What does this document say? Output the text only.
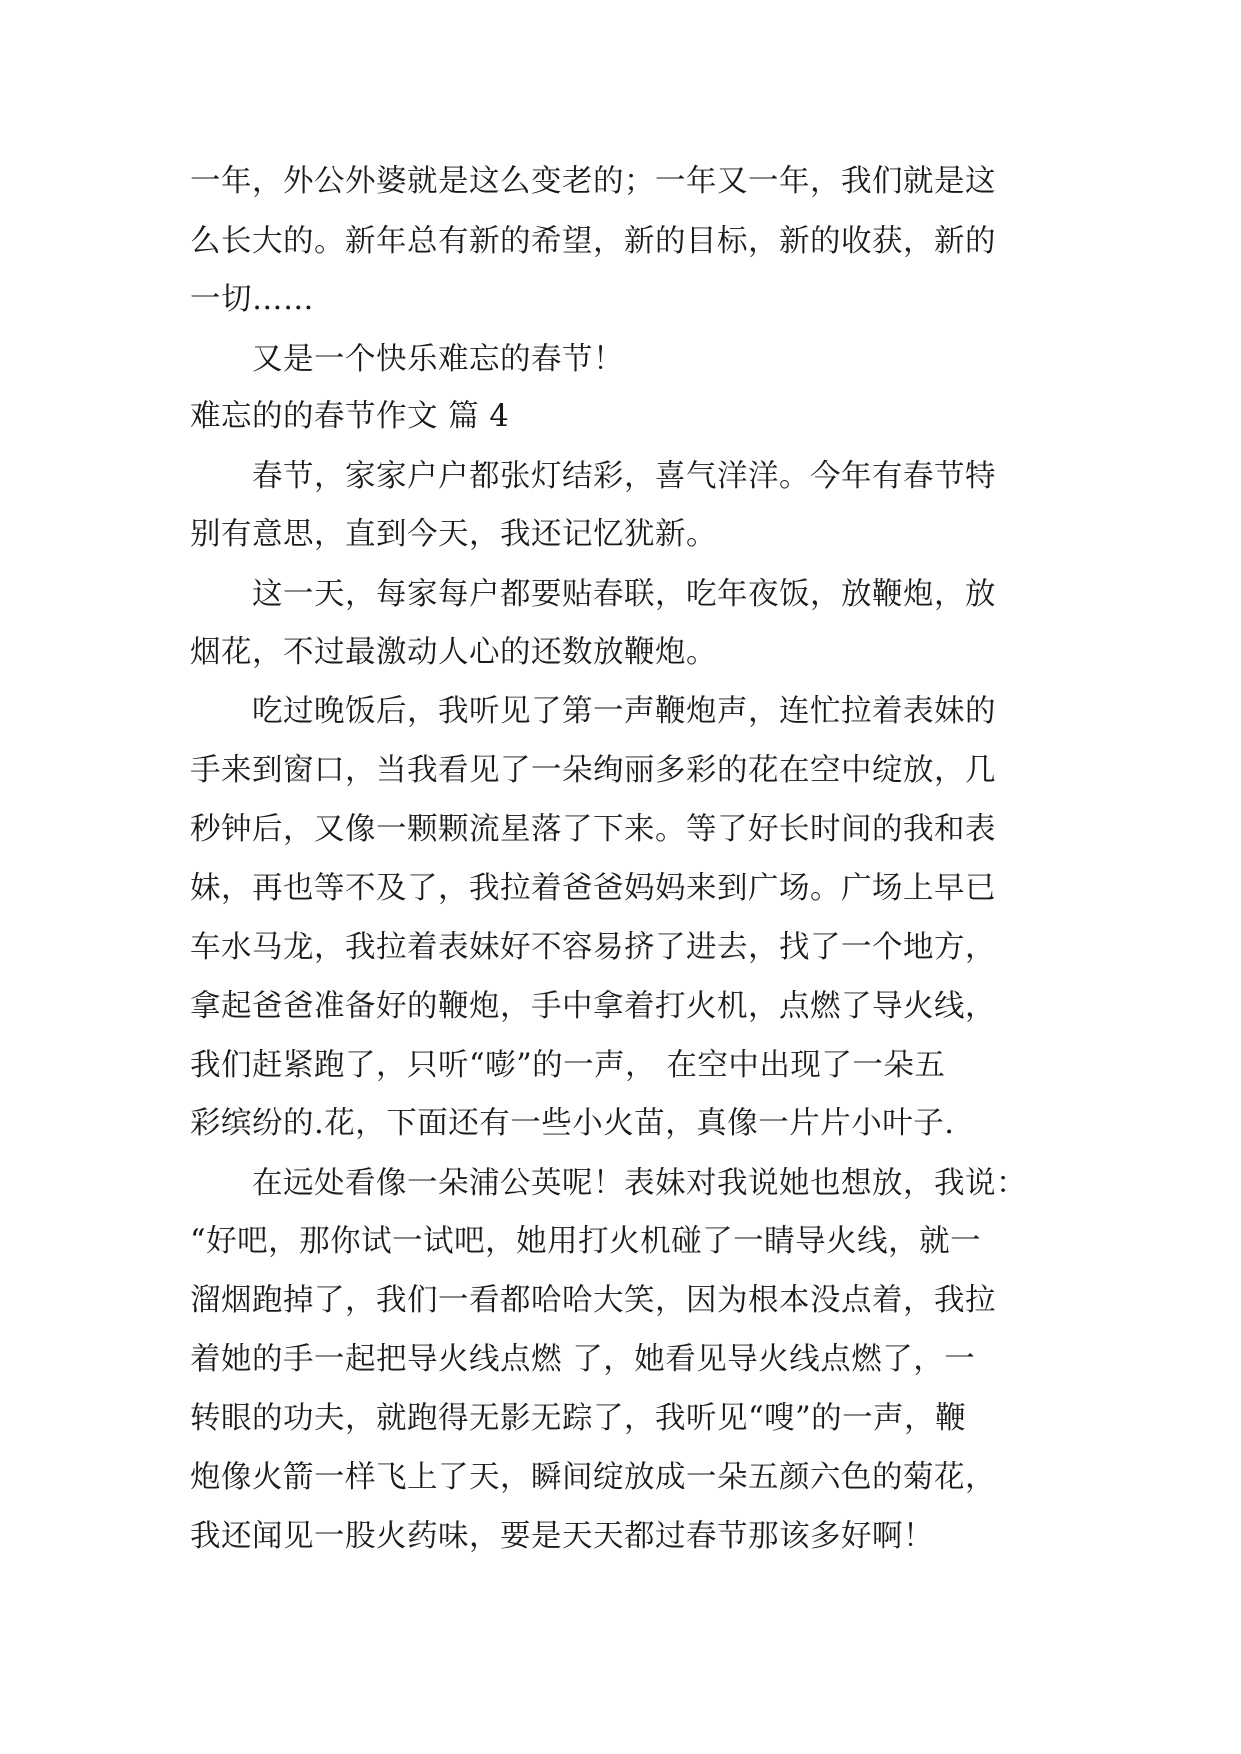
一年，外公外婆就是这么变老的；一年又一年，我们就是这

么长大的。新年总有新的希望，新的目标，新的收获，新的

一切……

　　又是一个快乐难忘的春节！

难忘的的春节作文 篇 4

　　春节，家家户户都张灯结彩，喜气洋洋。今年有春节特

别有意思，直到今天，我还记忆犹新。

　　这一天，每家每户都要贴春联，吃年夜饭，放鞭炮，放

烟花，不过最激动人心的还数放鞭炮。

　　吃过晚饭后，我听见了第一声鞭炮声，连忙拉着表妹的

手来到窗口，当我看见了一朵绚丽多彩的花在空中绽放，几

秒钟后，又像一颗颗流星落了下来。等了好长时间的我和表

妹，再也等不及了，我拉着爸爸妈妈来到广场。广场上早已

车水马龙，我拉着表妹好不容易挤了进去，找了一个地方，

拿起爸爸准备好的鞭炮，手中拿着打火机，点燃了导火线，

我们赶紧跑了，只听“嘭”的一声， 在空中出现了一朵五

彩缤纷的.花，下面还有一些小火苗，真像一片片小叶子.

　　在远处看像一朵浦公英呢！表妹对我说她也想放，我说：

“好吧，那你试一试吧，她用打火机碰了一睛导火线，就一

溜烟跑掉了，我们一看都哈哈大笑，因为根本没点着，我拉

着她的手一起把导火线点燃 了，她看见导火线点燃了，一

转眼的功夫，就跑得无影无踪了，我听见“嗖”的一声，鞭

炮像火箭一样飞上了天，瞬间绽放成一朵五颜六色的菊花，

我还闻见一股火药味，要是天天都过春节那该多好啊！
